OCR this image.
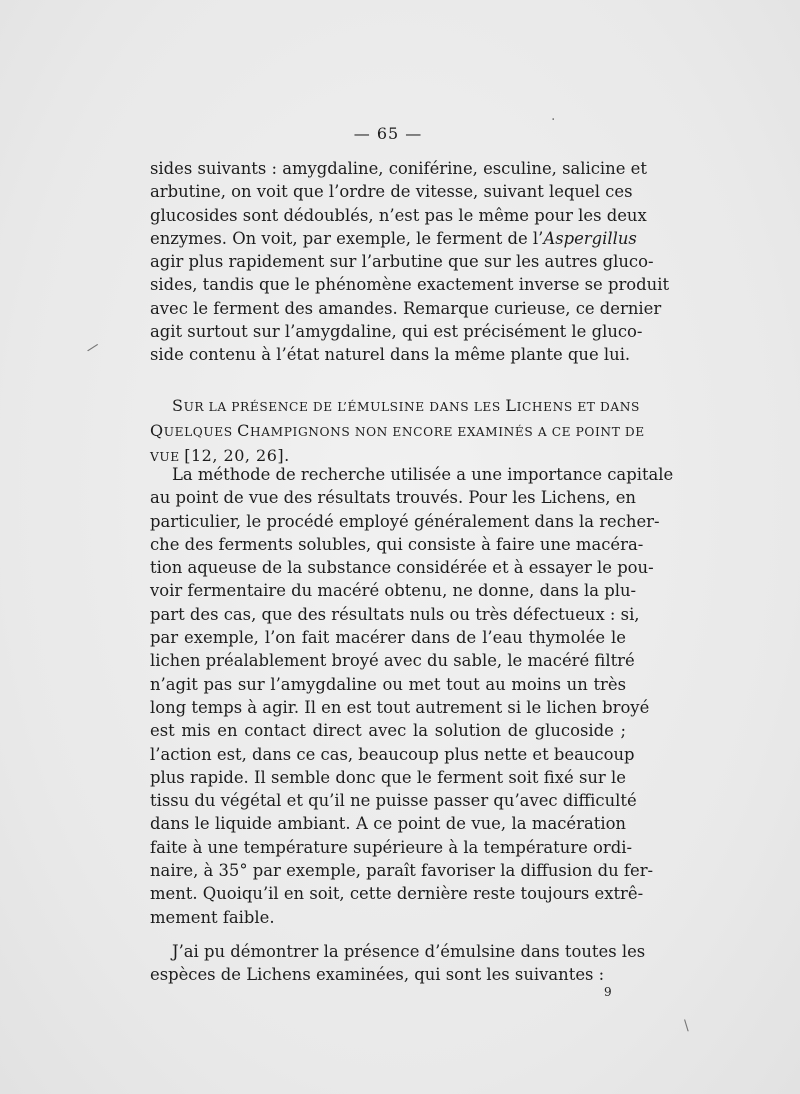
— 65 —
sides suivants : amygdaline, coniférine, esculine, salicine et
arbutine, on voit que l’ordre de vitesse, suivant lequel ces
glucosides sont dédoublés, n’est pas le même pour les deux
enzymes. On voit, par exemple, le ferment de l’Aspergillus
agir plus rapidement sur l’arbutine que sur les autres gluco-
sides, tandis que le phénomène exactement inverse se produit
avec le ferment des amandes. Remarque curieuse, ce dernier
agit surtout sur l’amygdaline, qui est précisément le gluco-
side contenu à l’état naturel dans la même plante que lui.
SUR LA PRÉSENCE DE L’ÉMULSINE DANS LES LICHENS ET DANS
QUELQUES CHAMPIGNONS NON ENCORE EXAMINÉS A CE POINT DE
VUE [12, 20, 26].
La méthode de recherche utilisée a une importance capitale
au point de vue des résultats trouvés. Pour les Lichens, en
particulier, le procédé employé généralement dans la recher-
che des ferments solubles, qui consiste à faire une macéra-
tion aqueuse de la substance considérée et à essayer le pou-
voir fermentaire du macéré obtenu, ne donne, dans la plu-
part des cas, que des résultats nuls ou très défectueux : si,
par exemple, l’on fait macérer dans de l’eau thymolée le
lichen préalablement broyé avec du sable, le macéré filtré
n’agit pas sur l’amygdaline ou met tout au moins un très
long temps à agir. Il en est tout autrement si le lichen broyé
est mis en contact direct avec la solution de glucoside ;
l’action est, dans ce cas, beaucoup plus nette et beaucoup
plus rapide. Il semble donc que le ferment soit fixé sur le
tissu du végétal et qu’il ne puisse passer qu’avec difficulté
dans le liquide ambiant. A ce point de vue, la macération
faite à une température supérieure à la température ordi-
naire, à 35° par exemple, paraît favoriser la diffusion du fer-
ment. Quoiqu’il en soit, cette dernière reste toujours extrê-
mement faible.
J’ai pu démontrer la présence d’émulsine dans toutes les
espèces de Lichens examinées, qui sont les suivantes :
9
·
\
/
